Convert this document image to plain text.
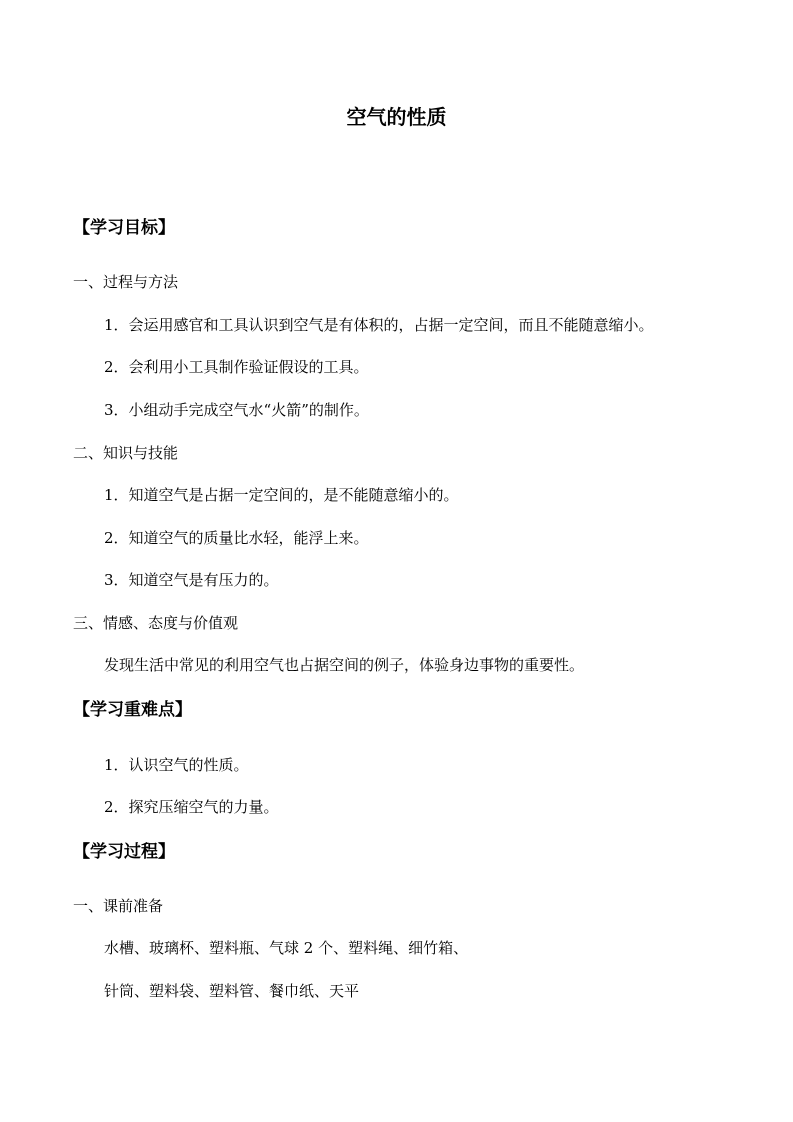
空气的性质
【学习目标】
一、过程与方法
1．会运用感官和工具认识到空气是有体积的，占据一定空间，而且不能随意缩小。
2．会利用小工具制作验证假设的工具。
3．小组动手完成空气水“火箭”的制作。
二、知识与技能
1．知道空气是占据一定空间的，是不能随意缩小的。
2．知道空气的质量比水轻，能浮上来。
3．知道空气是有压力的。
三、情感、态度与价值观
发现生活中常见的利用空气也占据空间的例子，体验身边事物的重要性。
【学习重难点】
1．认识空气的性质。
2．探究压缩空气的力量。
【学习过程】
一、课前准备
水槽、玻璃杯、塑料瓶、气球 2 个、塑料绳、细竹箱、
针筒、塑料袋、塑料管、餐巾纸、天平
